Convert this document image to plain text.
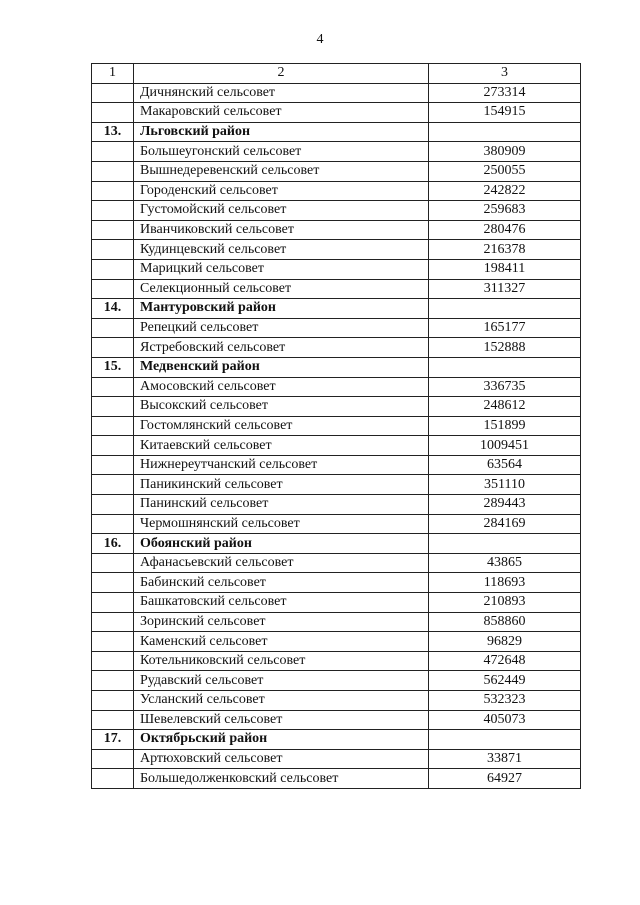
4
1	2	3
	Дичнянский сельсовет	273314
	Макаровский сельсовет	154915
13.	Льговский район	
	Большеугонский сельсовет	380909
	Вышнедеревенский сельсовет	250055
	Городенский сельсовет	242822
	Густомойский сельсовет	259683
	Иванчиковский сельсовет	280476
	Кудинцевский сельсовет	216378
	Марицкий сельсовет	198411
	Селекционный сельсовет	311327
14.	Мантуровский район	
	Репецкий сельсовет	165177
	Ястребовский сельсовет	152888
15.	Медвенский район	
	Амосовский сельсовет	336735
	Высокский сельсовет	248612
	Гостомлянский сельсовет	151899
	Китаевский сельсовет	1009451
	Нижнереутчанский сельсовет	63564
	Паникинский сельсовет	351110
	Панинский сельсовет	289443
	Чермошнянский сельсовет	284169
16.	Обоянский район	
	Афанасьевский сельсовет	43865
	Бабинский сельсовет	118693
	Башкатовский сельсовет	210893
	Зоринский сельсовет	858860
	Каменский сельсовет	96829
	Котельниковский сельсовет	472648
	Рудавский сельсовет	562449
	Усланский сельсовет	532323
	Шевелевский сельсовет	405073
17.	Октябрьский район	
	Артюховский сельсовет	33871
	Большедолженковский сельсовет	64927
